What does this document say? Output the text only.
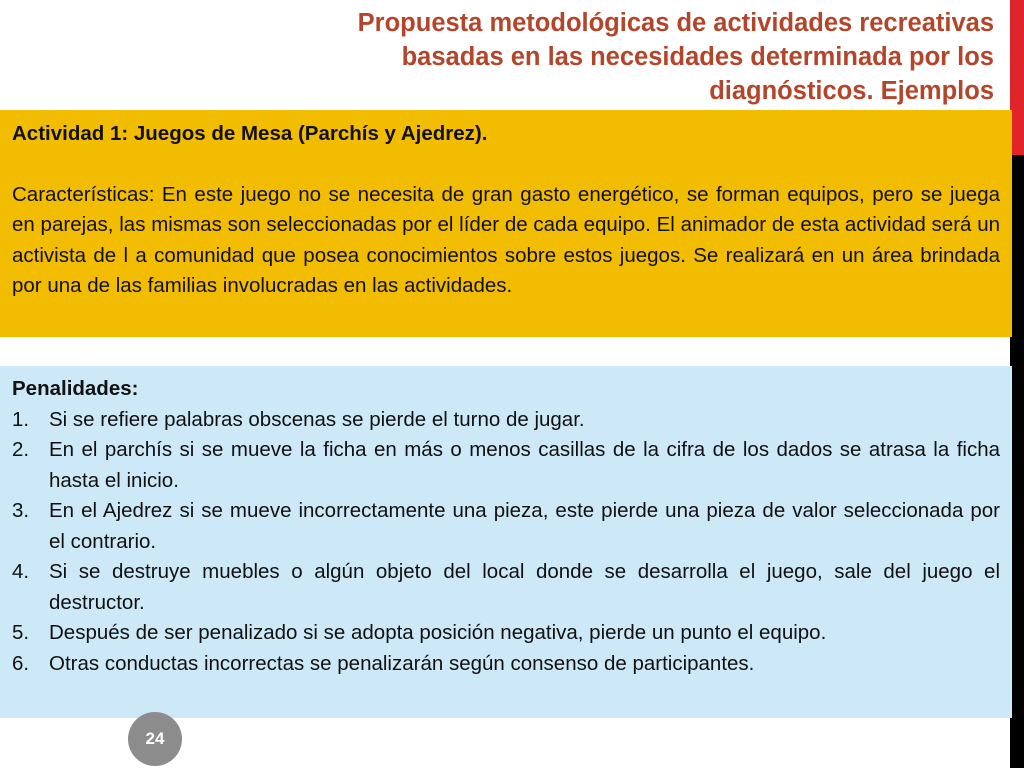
Propuesta metodológicas de actividades recreativas
basadas en las necesidades determinada por los
diagnósticos. Ejemplos

Actividad 1: Juegos de Mesa (Parchís y Ajedrez).

Características: En este juego no se necesita de gran gasto energético, se forman equipos, pero se juega en parejas, las mismas son seleccionadas por el líder de cada equipo. El animador de esta actividad será un activista de l a comunidad que posea conocimientos sobre estos juegos. Se realizará en un área brindada por una de las familias involucradas en las actividades.

Penalidades:

1. Si se refiere palabras obscenas se pierde el turno de jugar.
2. En el parchís si se mueve la ficha en más o menos casillas de la cifra de los dados se atrasa la ficha hasta el inicio.
3. En el Ajedrez si se mueve incorrectamente una pieza, este pierde una pieza de valor seleccionada por el contrario.
4. Si se destruye muebles o algún objeto del local donde se desarrolla el juego, sale del juego el destructor.
5. Después de ser penalizado si se adopta posición negativa, pierde un punto el equipo.
6. Otras conductas incorrectas se penalizarán según consenso de participantes.
24
